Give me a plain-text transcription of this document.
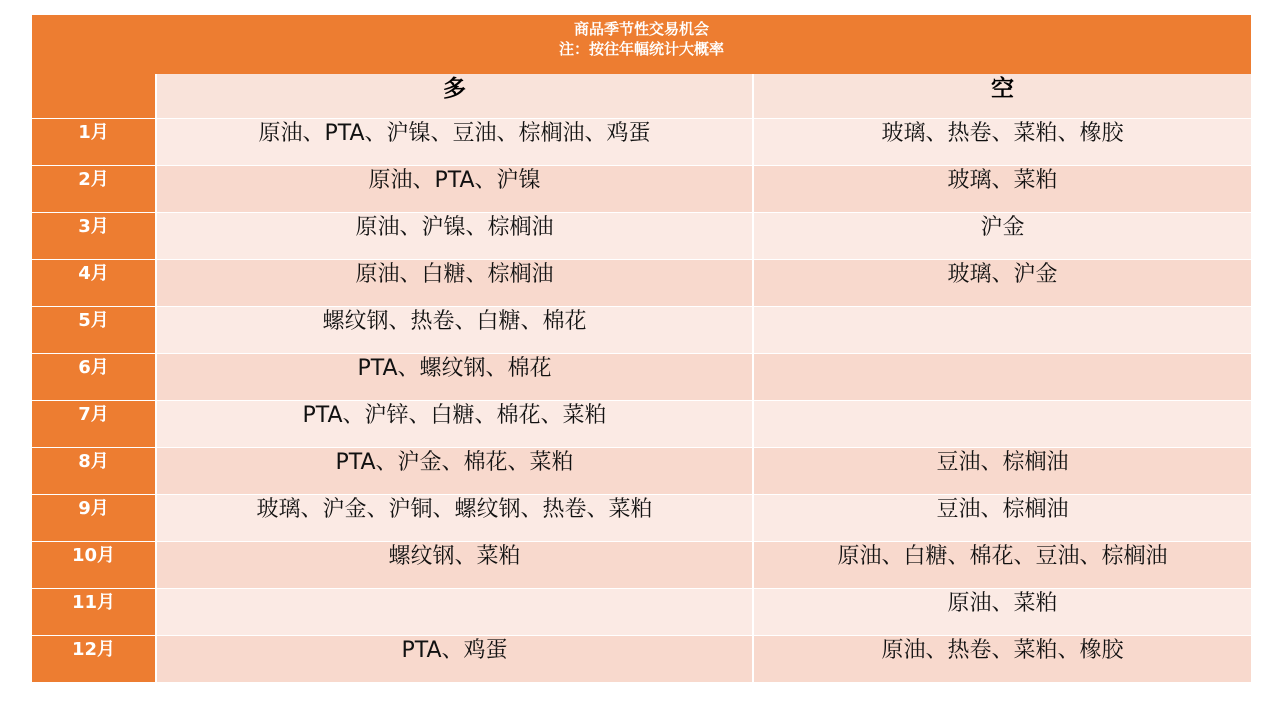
商品季节性交易机会
注：按往年幅统计大概率
	多	空
1月	原油、PTA、沪镍、豆油、棕榈油、鸡蛋	玻璃、热卷、菜粕、橡胶
2月	原油、PTA、沪镍	玻璃、菜粕
3月	原油、沪镍、棕榈油	沪金
4月	原油、白糖、棕榈油	玻璃、沪金
5月	螺纹钢、热卷、白糖、棉花	
6月	PTA、螺纹钢、棉花	
7月	PTA、沪锌、白糖、棉花、菜粕	
8月	PTA、沪金、棉花、菜粕	豆油、棕榈油
9月	玻璃、沪金、沪铜、螺纹钢、热卷、菜粕	豆油、棕榈油
10月	螺纹钢、菜粕	原油、白糖、棉花、豆油、棕榈油
11月		原油、菜粕
12月	PTA、鸡蛋	原油、热卷、菜粕、橡胶
